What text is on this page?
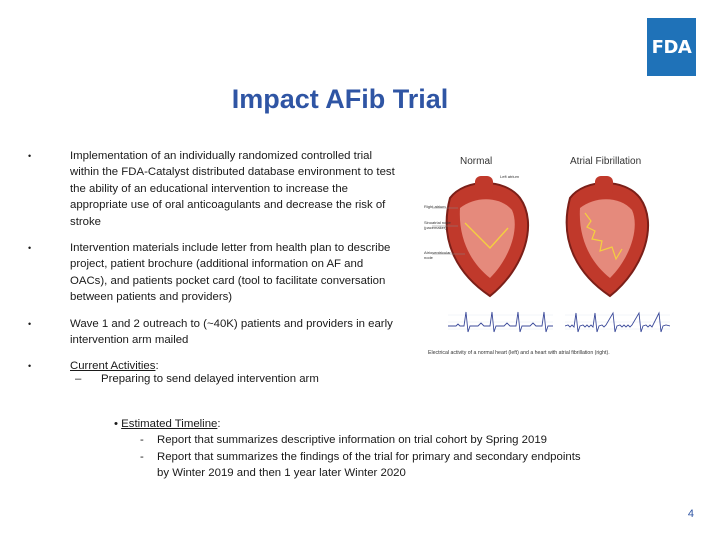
FDA
Impact AFib Trial
•	Implementation of an individually randomized controlled trial within the FDA-Catalyst distributed database environment to test the ability of an educational intervention to increase the appropriate use of oral anticoagulants and decrease the risk of stroke
•	Intervention materials include letter from health plan to describe project, patient brochure (additional information on AF and OACs), and patients pocket card (tool to facilitate conversation between patients and providers)
•	Wave 1 and 2 outreach to (~40K) patients and providers in early intervention arm mailed
•	Current Activities:
– Preparing to send delayed intervention arm
• Estimated Timeline:
- Report that summarizes descriptive information on trial cohort by Spring 2019
- Report that summarizes the findings of the trial for primary and secondary endpoints by Winter 2019 and then 1 year later Winter 2020
Normal	Atrial Fibrillation
Left atrium
Right atrium
Sinoatrial node (pacemaker)
Atrioventricular node
Electrical activity of a normal heart (left) and a heart with atrial fibrillation (right).
4
